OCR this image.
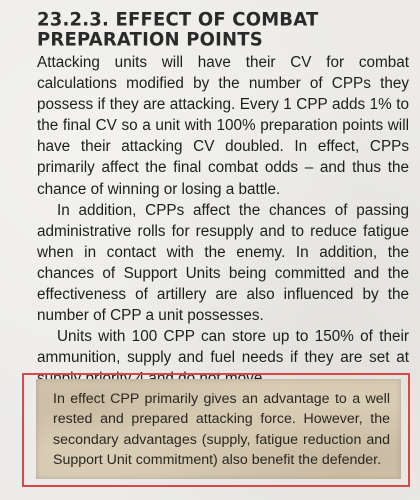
23.2.3. EFFECT OF COMBAT PREPARATION POINTS

Attacking units will have their CV for combat calculations modified by the number of CPPs they possess if they are attacking. Every 1 CPP adds 1% to the final CV so a unit with 100% preparation points will have their attacking CV doubled. In effect, CPPs primarily affect the final combat odds – and thus the chance of winning or losing a battle.

In addition, CPPs affect the chances of passing administrative rolls for resupply and to reduce fatigue when in contact with the enemy. In addition, the chances of Support Units being committed and the effectiveness of artillery are also influenced by the number of CPP a unit possesses.

Units with 100 CPP can store up to 150% of their ammunition, supply and fuel needs if they are set at

In effect CPP primarily gives an advantage to a well rested and prepared attacking force. However, the secondary advantages (supply, fatigue reduction and Support Unit commitment) also benefit the defender.
